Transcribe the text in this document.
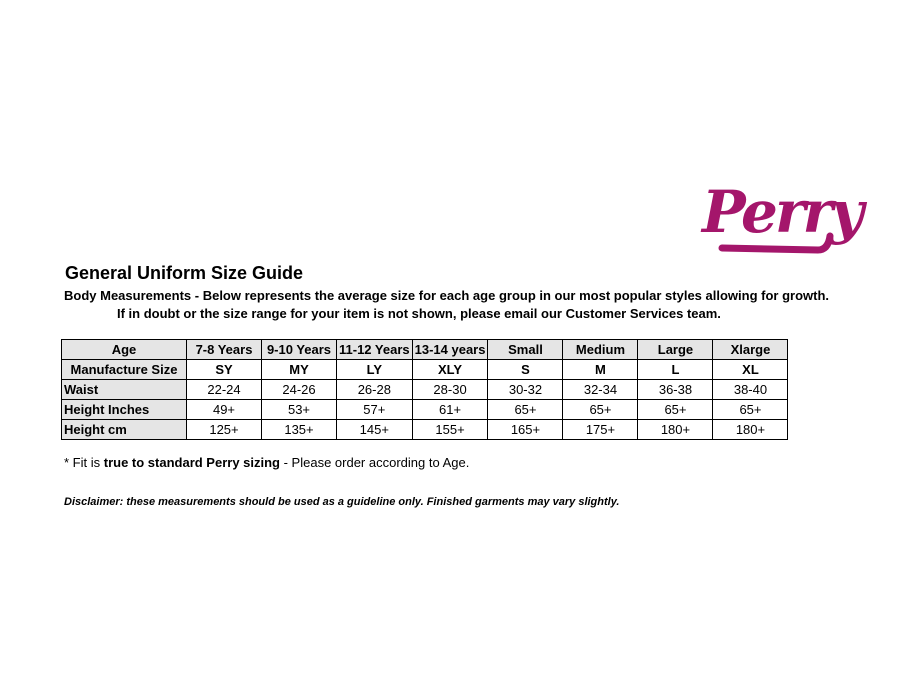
Perry
General Uniform Size Guide
Body Measurements - Below represents the average size for each age group in our most popular styles allowing for growth.
If in doubt or the size range for your item is not shown, please email our Customer Services team.
Age	7-8 Years	9-10 Years	11-12 Years	13-14 years	Small	Medium	Large	Xlarge
Manufacture Size	SY	MY	LY	XLY	S	M	L	XL
Waist	22-24	24-26	26-28	28-30	30-32	32-34	36-38	38-40
Height Inches	49+	53+	57+	61+	65+	65+	65+	65+
Height cm	125+	135+	145+	155+	165+	175+	180+	180+
* Fit is true to standard Perry sizing - Please order according to Age.
Disclaimer: these measurements should be used as a guideline only. Finished garments may vary slightly.
